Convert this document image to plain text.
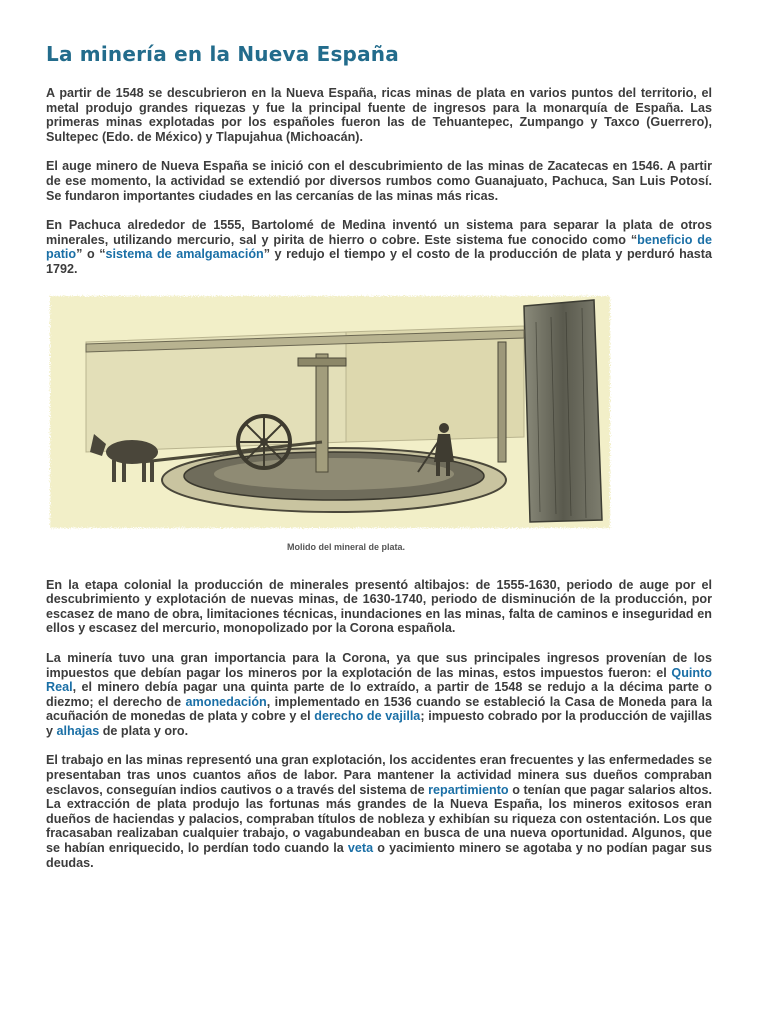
La minería en la Nueva España

A partir de 1548 se descubrieron en la Nueva España, ricas minas de plata en varios puntos del territorio, el metal produjo grandes riquezas y fue la principal fuente de ingresos para la monarquía de España. Las primeras minas explotadas por los españoles fueron las de Tehuantepec, Zumpango y Taxco (Guerrero), Sultepec (Edo. de México) y Tlapujahua (Michoacán).

El auge minero de Nueva España se inició con el descubrimiento de las minas de Zacatecas en 1546. A partir de ese momento, la actividad se extendió por diversos rumbos como Guanajuato, Pachuca, San Luis Potosí. Se fundaron importantes ciudades en las cercanías de las minas más ricas.

En Pachuca alrededor de 1555, Bartolomé de Medina inventó un sistema para separar la plata de otros minerales, utilizando mercurio, sal y pirita de hierro o cobre. Este sistema fue conocido como “beneficio de patio” o “sistema de amalgamación” y redujo el tiempo y el costo de la producción de plata y perduró hasta 1792.

Molido del mineral de plata.

En la etapa colonial la producción de minerales presentó altibajos: de 1555-1630, periodo de auge por el descubrimiento y explotación de nuevas minas, de 1630-1740, periodo de disminución de la producción, por escasez de mano de obra, limitaciones técnicas, inundaciones en las minas, falta de caminos e inseguridad en ellos y escasez del mercurio, monopolizado por la Corona española.

La minería tuvo una gran importancia para la Corona, ya que sus principales ingresos provenían de los impuestos que debían pagar los mineros por la explotación de las minas, estos impuestos fueron: el Quinto Real, el minero debía pagar una quinta parte de lo extraído, a partir de 1548 se redujo a la décima parte o diezmo; el derecho de amonedación, implementado en 1536 cuando se estableció la Casa de Moneda para la acuñación de monedas de plata y cobre y el derecho de vajilla; impuesto cobrado por la producción de vajillas y alhajas de plata y oro.

El trabajo en las minas representó una gran explotación, los accidentes eran frecuentes y las enfermedades se presentaban tras unos cuantos años de labor. Para mantener la actividad minera sus dueños compraban esclavos, conseguían indios cautivos o a través del sistema de repartimiento o tenían que pagar salarios altos. La extracción de plata produjo las fortunas más grandes de la Nueva España, los mineros exitosos eran dueños de haciendas y palacios, compraban títulos de nobleza y exhibían su riqueza con ostentación. Los que fracasaban realizaban cualquier trabajo, o vagabundeaban en busca de una nueva oportunidad. Algunos, que se habían enriquecido, lo perdían todo cuando la veta o yacimiento minero se agotaba y no podían pagar sus deudas.
